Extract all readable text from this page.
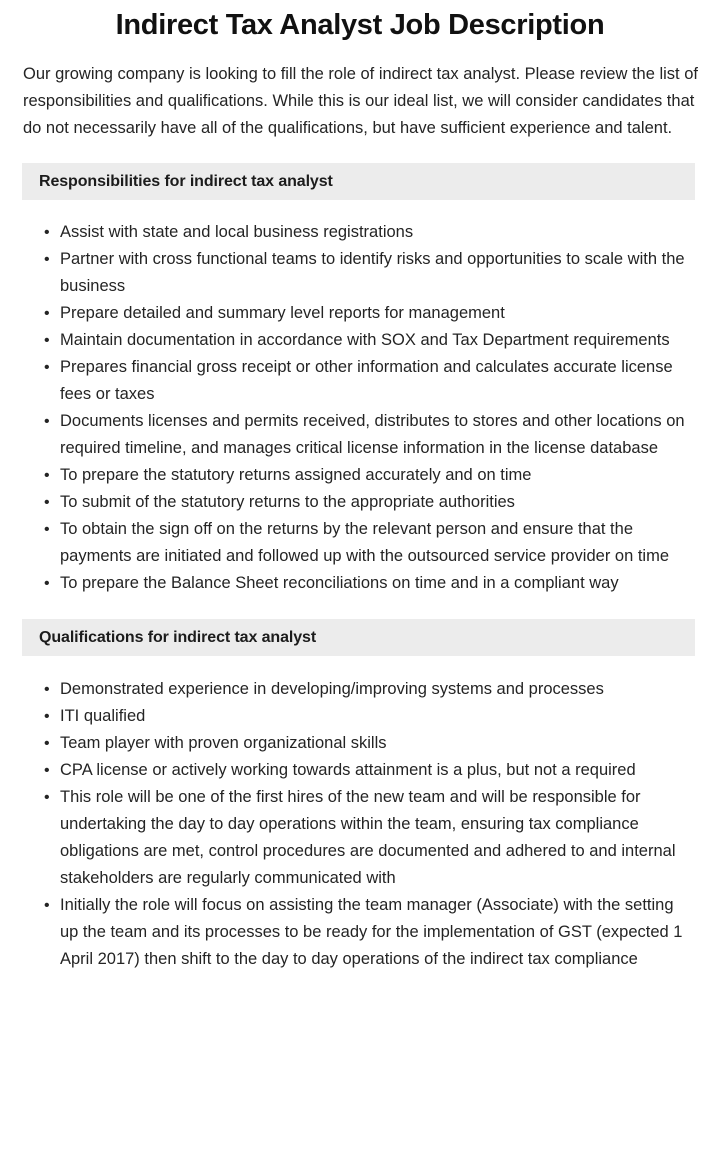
Indirect Tax Analyst Job Description

Our growing company is looking to fill the role of indirect tax analyst. Please review the list of responsibilities and qualifications. While this is our ideal list, we will consider candidates that do not necessarily have all of the qualifications, but have sufficient experience and talent.

Responsibilities for indirect tax analyst
• Assist with state and local business registrations
• Partner with cross functional teams to identify risks and opportunities to scale with the business
• Prepare detailed and summary level reports for management
• Maintain documentation in accordance with SOX and Tax Department requirements
• Prepares financial gross receipt or other information and calculates accurate license fees or taxes
• Documents licenses and permits received, distributes to stores and other locations on required timeline, and manages critical license information in the license database
• To prepare the statutory returns assigned accurately and on time
• To submit of the statutory returns to the appropriate authorities
• To obtain the sign off on the returns by the relevant person and ensure that the payments are initiated and followed up with the outsourced service provider on time
• To prepare the Balance Sheet reconciliations on time and in a compliant way
Qualifications for indirect tax analyst
• Demonstrated experience in developing/improving systems and processes
• ITI qualified
• Team player with proven organizational skills
• CPA license or actively working towards attainment is a plus, but not a required
• This role will be one of the first hires of the new team and will be responsible for undertaking the day to day operations within the team, ensuring tax compliance obligations are met, control procedures are documented and adhered to and internal stakeholders are regularly communicated with
• Initially the role will focus on assisting the team manager (Associate) with the setting up the team and its processes to be ready for the implementation of GST (expected 1 April 2017) then shift to the day to day operations of the indirect tax compliance
